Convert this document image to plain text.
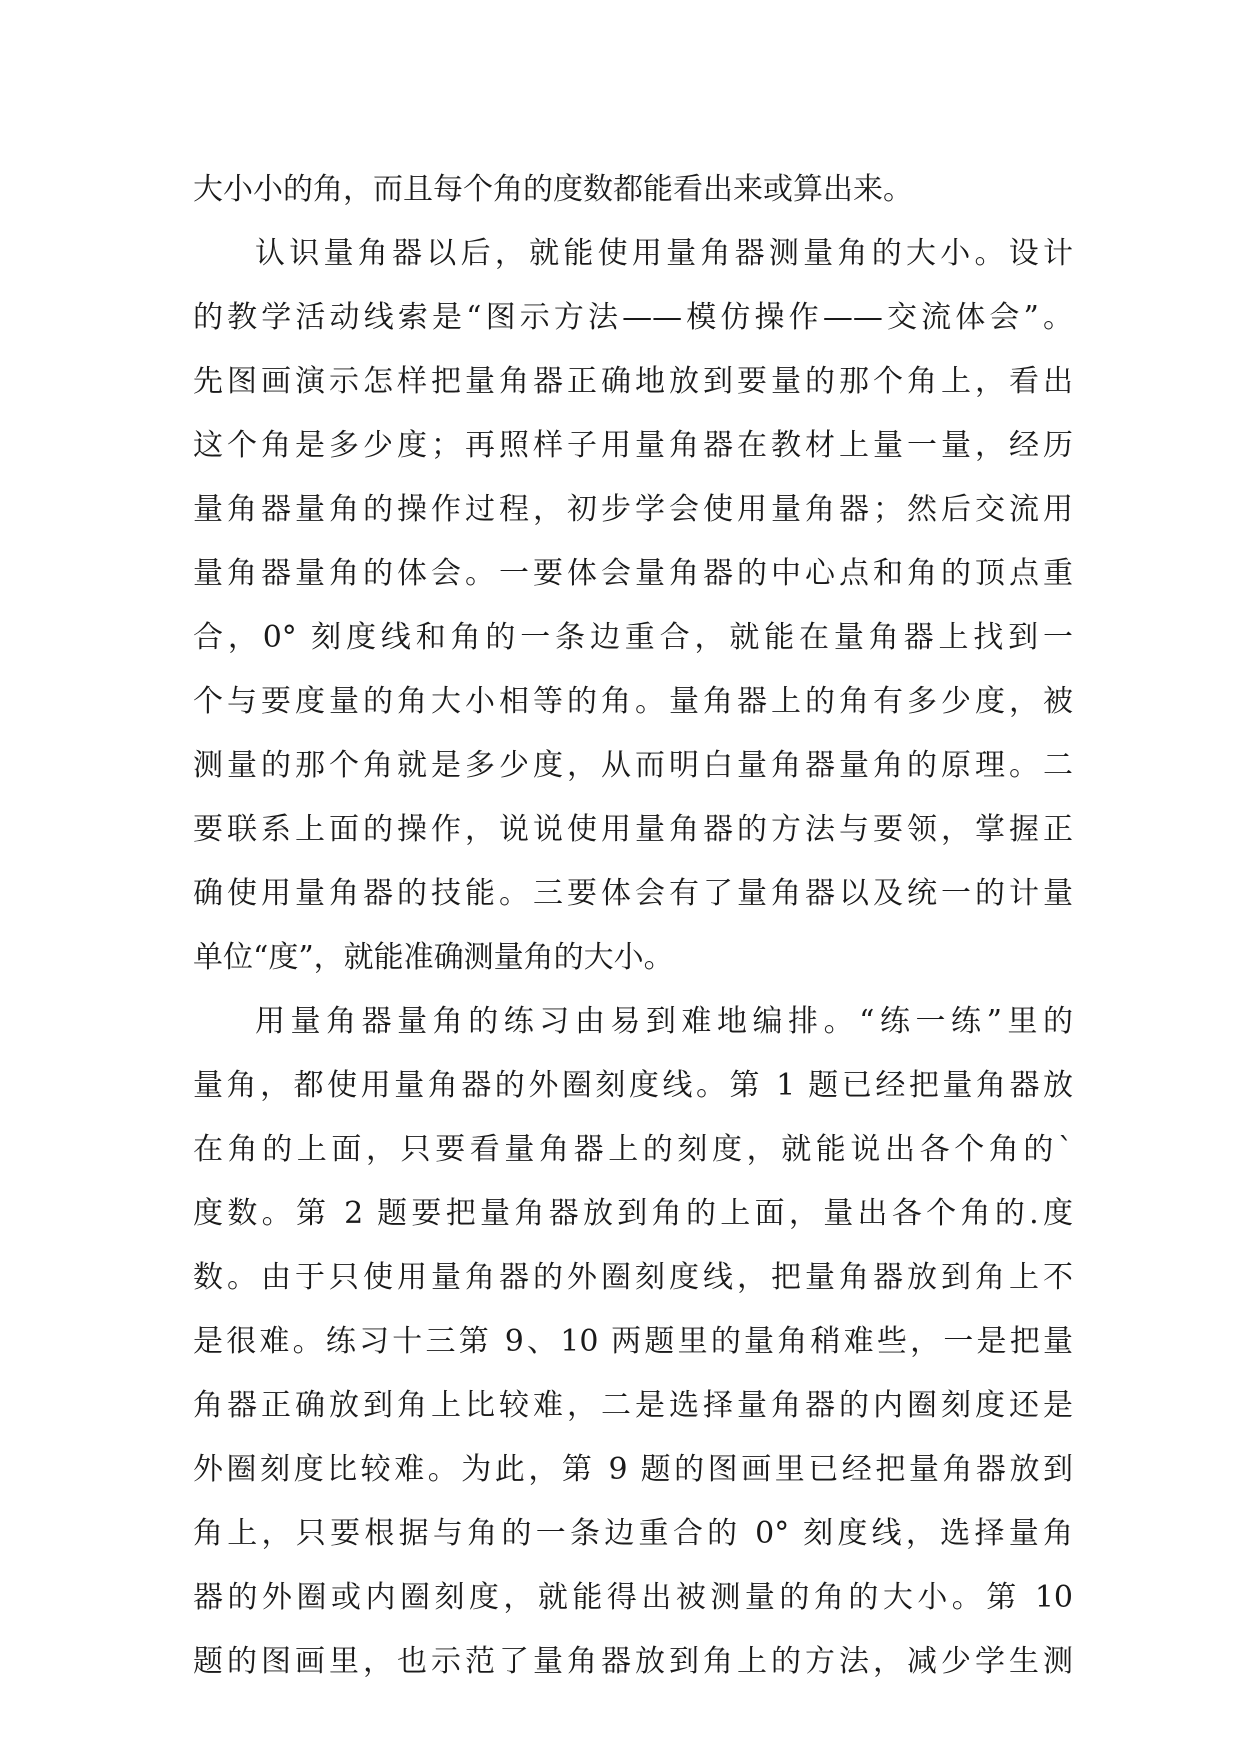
大小小的角，而且每个角的度数都能看出来或算出来。
认识量角器以后，就能使用量角器测量角的大小。设计
的教学活动线索是“图示方法——模仿操作——交流体会”。
先图画演示怎样把量角器正确地放到要量的那个角上，看出
这个角是多少度；再照样子用量角器在教材上量一量，经历
量角器量角的操作过程，初步学会使用量角器；然后交流用
量角器量角的体会。一要体会量角器的中心点和角的顶点重
合，0° 刻度线和角的一条边重合，就能在量角器上找到一
个与要度量的角大小相等的角。量角器上的角有多少度，被
测量的那个角就是多少度，从而明白量角器量角的原理。二
要联系上面的操作，说说使用量角器的方法与要领，掌握正
确使用量角器的技能。三要体会有了量角器以及统一的计量
单位“度”，就能准确测量角的大小。
用量角器量角的练习由易到难地编排。“练一练”里的
量角，都使用量角器的外圈刻度线。第 1 题已经把量角器放
在角的上面，只要看量角器上的刻度，就能说出各个角的`
度数。第 2 题要把量角器放到角的上面，量出各个角的.度
数。由于只使用量角器的外圈刻度线，把量角器放到角上不
是很难。练习十三第 9、10 两题里的量角稍难些，一是把量
角器正确放到角上比较难，二是选择量角器的内圈刻度还是
外圈刻度比较难。为此，第 9 题的图画里已经把量角器放到
角上，只要根据与角的一条边重合的 0° 刻度线，选择量角
器的外圈或内圈刻度，就能得出被测量的角的大小。第 10
题的图画里，也示范了量角器放到角上的方法，减少学生测
